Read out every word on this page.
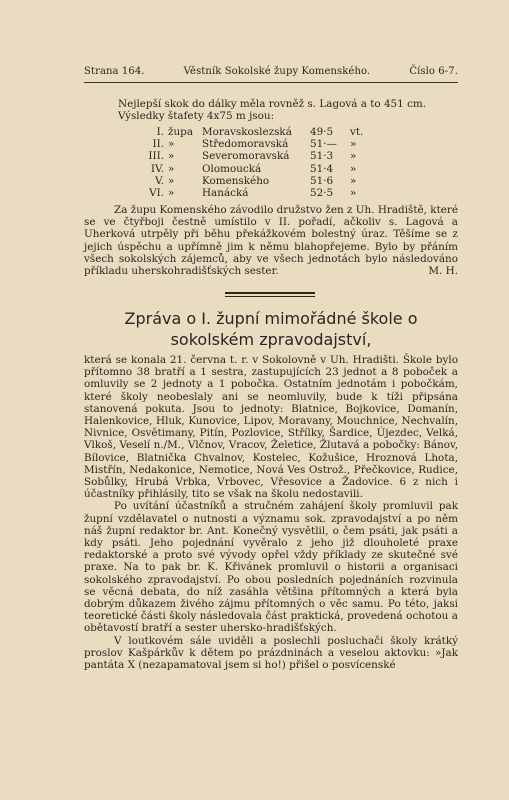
Strana 164.	Věstník Sokolské župy Komenského.	Číslo 6-7.

Nejlepší skok do dálky měla rovněž s. Lagová a to 451 cm.

Výsledky štafety 4x75 m jsou:

I. župa Moravskoslezská	49·5	vt.
II. »	Středomoravská	51·—	»
III. »	Severomoravská	51·3	»
IV. »	Olomoucká	51·4	»
V. »	Komenského	51·6	»
VI. »	Hanácká	52·5	»

Za župu Komenského závodilo družstvo žen z Uh. Hradiště, které se ve čtyřboji čestně umístilo v II. pořadí, ačkoliv s. Lagová a Uherková utrpěly při běhu překážkovém bolestný úraz. Těšíme se z jejich úspěchu a upřímně jim k němu blahopřejeme. Bylo by přáním všech sokolských zájemců, aby ve všech jednotách bylo následováno příkladu uherskohradišťských sester.	M. H.

Zpráva o I. župní mimořádné škole o sokolském zpravodajství,

která se konala 21. června t. r. v Sokolovně v Uh. Hradišti. Škole bylo přítomno 38 bratří a 1 sestra, zastupujících 23 jednot a 8 poboček a omluvily se 2 jednoty a 1 pobočka. Ostatním jednotám i pobočkám, které školy neobeslaly ani se neomluvily, bude k tíži připsána stanovená pokuta. Jsou to jednoty: Blatnice, Bojkovice, Domanín, Halenkovice, Hluk, Kunovice, Lipov, Moravany, Mouchnice, Nechvalín, Nivnice, Osvětimany, Pitín, Pozlovice, Střílky, Šardice, Újezdec, Velká, Vlkoš, Veselí n./M., Vlčnov, Vracov, Želetice, Žlutavá a pobočky: Bánov, Bílovice, Blatnička Chvalnov, Kostelec, Kožušice, Hroznová Lhota, Mistřín, Nedakonice, Nemotice, Nová Ves Ostrož., Přečkovice, Rudice, Sobůlky, Hrubá Vrbka, Vrbovec, Vřesovice a Žadovice. 6 z nich i účastníky přihlásily, tito se však na školu nedostavili.

Po uvítání účastníků a stručném zahájení školy promluvil pak župní vzdělavatel o nutnosti a významu sok. zpravodajství a po něm náš župní redaktor br. Ant. Konečný vysvětlil, o čem psáti, jak psáti a kdy psáti. Jeho pojednání vyvěralo z jeho již dlouholeté praxe redaktorské a proto své vývody opřel vždy příklady ze skutečné své praxe. Na to pak br. K. Křivánek promluvil o historii a organisaci sokolského zpravodajství. Po obou posledních pojednáních rozvinula se věcná debata, do níž zasáhla většina přítomných a která byla dobrým důkazem živého zájmu přítomných o věc samu. Po této, jaksi teoretické části školy následovala část praktická, provedená ochotou a obětavostí bratří a sester uhersko-hradišťských.

V loutkovém sále uviděli a poslechli posluchači školy krátký proslov Kašpárkův k dětem po prázdninách a veselou aktovku: »Jak pantáta X (nezapamatoval jsem si ho!) přišel o posvícenské
